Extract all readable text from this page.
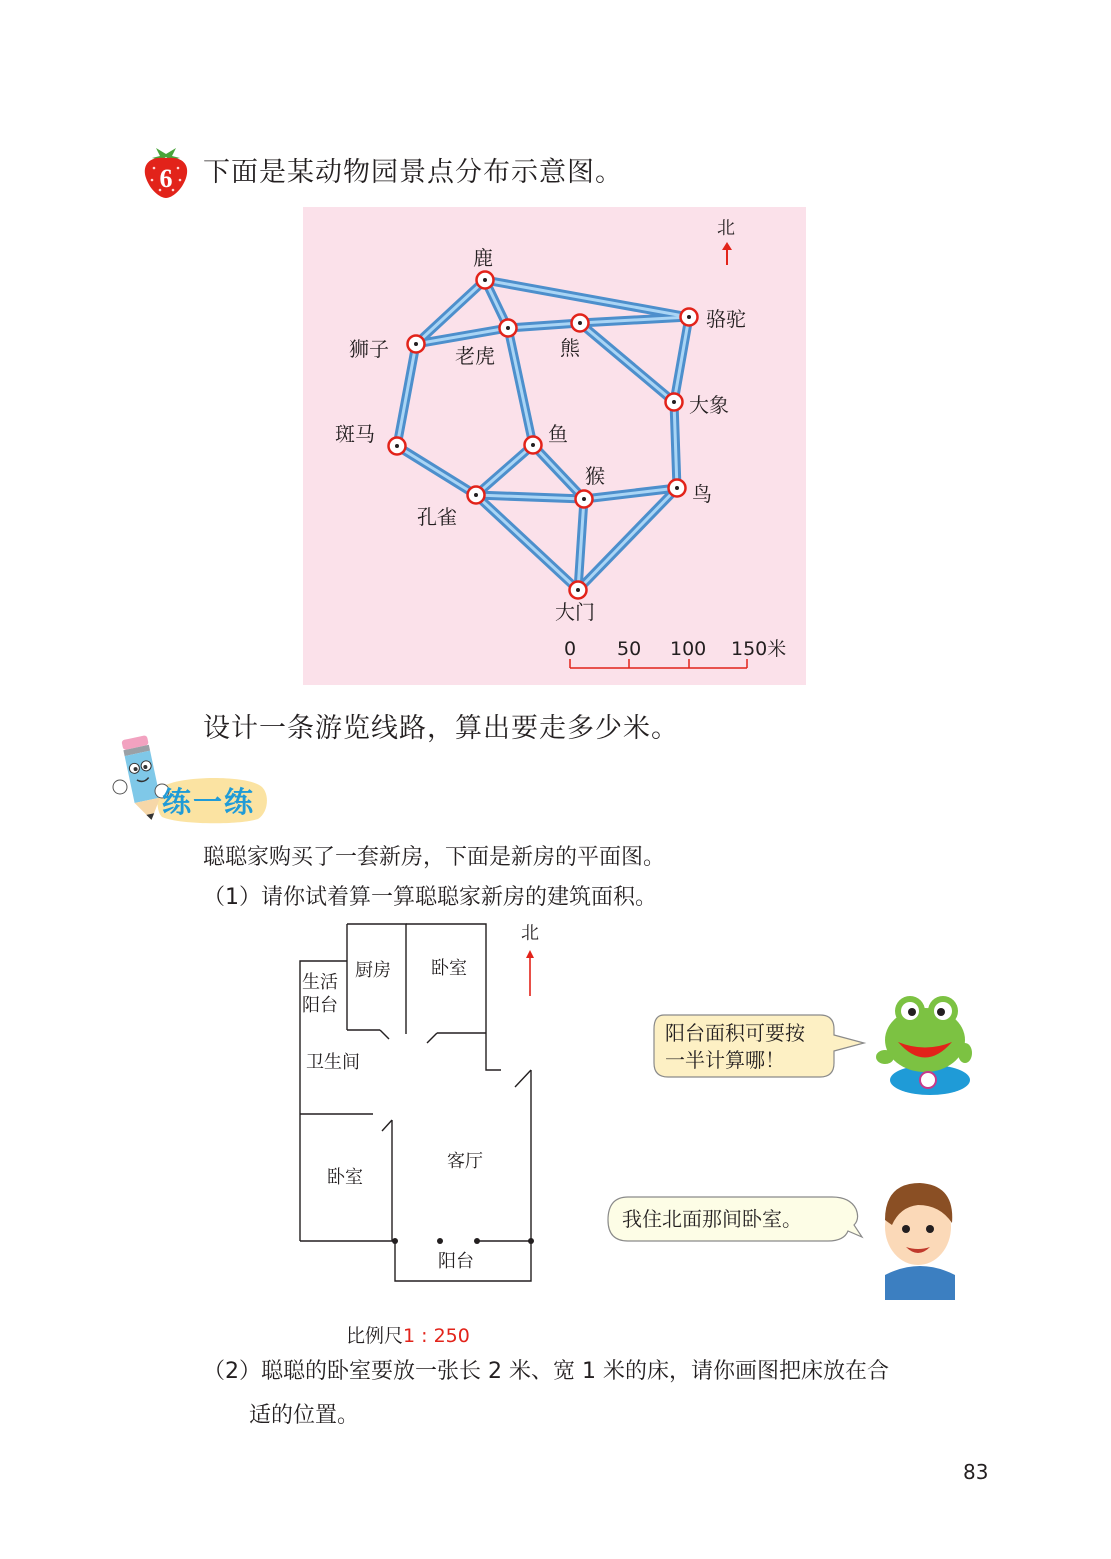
6 下面是某动物园景点分布示意图。
鹿
骆驼
狮子	老虎	熊
大象
斑马	鱼
猴
鸟
孔雀
大门
北
0 50 100 150米
设计一条游览线路，算出要走多少米。
练一练
聪聪家购买了一套新房，下面是新房的平面图。
（1）请你试着算一算聪聪家新房的建筑面积。
生活
阳台
厨房 卧室
卫生间
卧室
客厅
阳台
北
比例尺1 : 250
阳台面积可要按
一半计算哪！
我住北面那间卧室。
（2）聪聪的卧室要放一张长 2 米、宽 1 米的床，请你画图把床放在合
适的位置。
83
